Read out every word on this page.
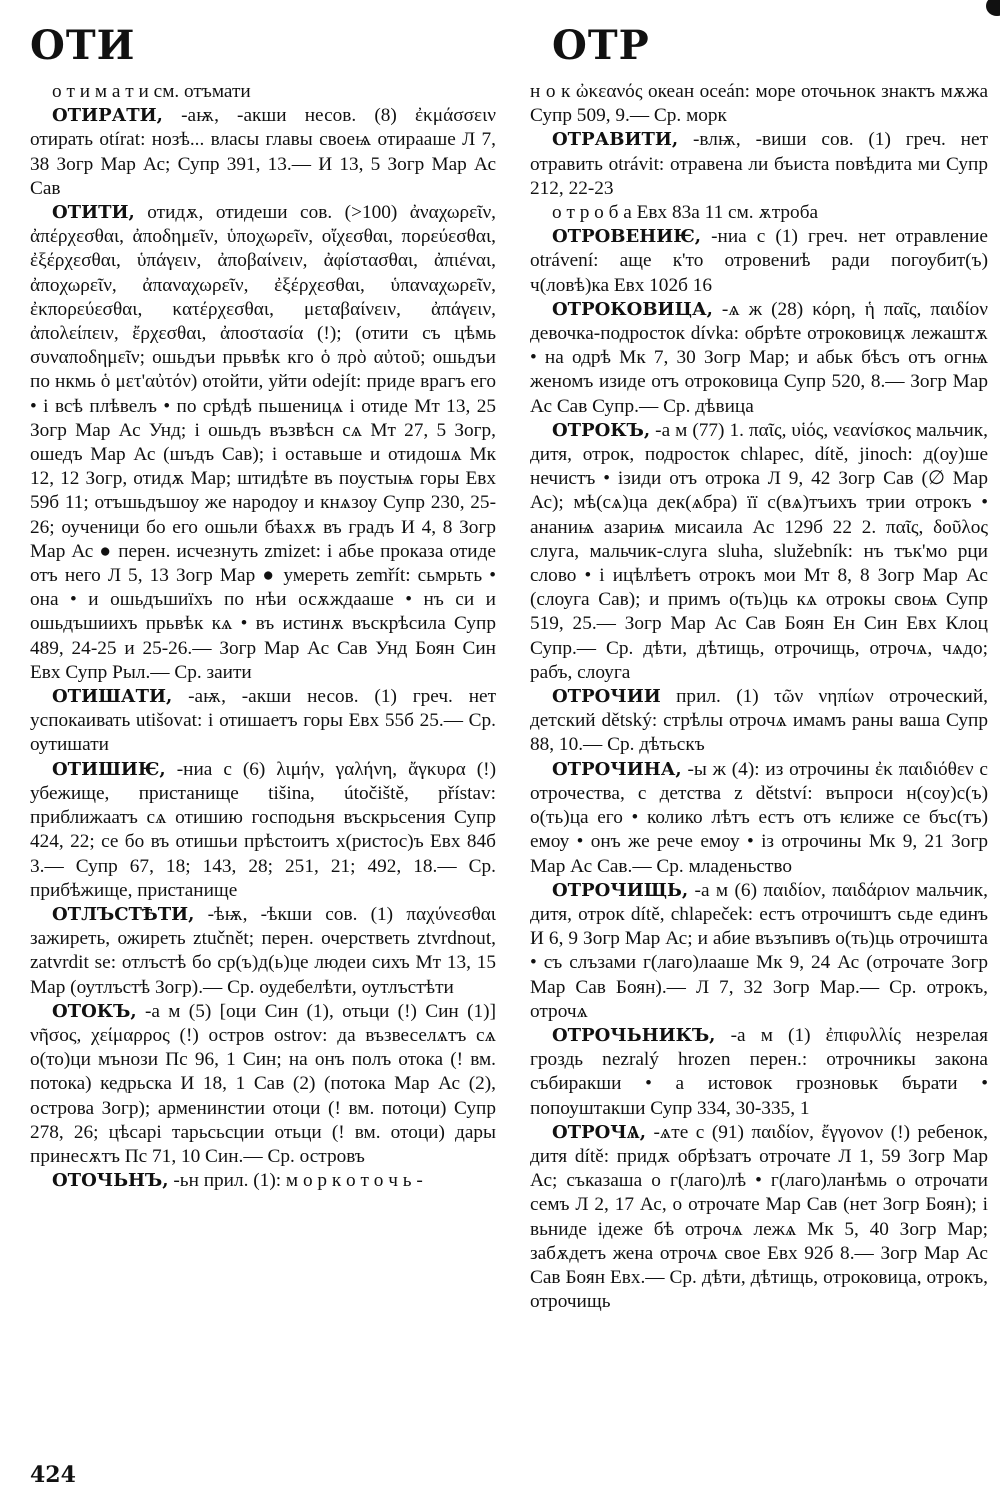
ОТИ	ОТР

о т и м а т и см. отъмати

ОТИРАТИ, -аѭ, -акши несов. (8) ἐκμάσσειν отирать otírat: нозѣ... власы главы своеѩ отирааше Л 7, 38 Зогр Мар Ас; Супр 391, 13.— И 13, 5 Зогр Мар Ас Сав

ОТИТИ, отидѫ, отидеши сов. (>100) ἀναχωρεῖν, ἀπέρχεσθαι, ἀποδημεῖν, ὑποχωρεῖν, οἴχεσθαι, πορεύεσθαι, ἐξέρχεσθαι, ὑπάγειν, ἀποβαίνειν, ἀφίστασθαι, ἀπιέναι, ἀποχωρεῖν, ἀπαναχωρεῖν, ἐξέρχεσθαι, ὑπαναχωρεῖν, ἐκπορεύεσθαι, κατέρχεσθαι, μεταβαίνειν, ἀπάγειν, ἀπολείπειν, ἔρχεσθαι, ἀποστασία (!); (отити съ цѣмь συναποδημεῖν; ошьдъи прьвѣк кго ὁ πρὸ αὐτοῦ; ошьдъи по нкмь ὁ μετ'αὐτόν) отойти, уйти odejít: приде врагъ его • і всѣ плѣвелъ • по срѣдѣ пьшеницѧ і отиде Мт 13, 25 Зогр Мар Ас Унд; і ошьдъ възвѣсн сѧ Мт 27, 5 Зогр, ошедъ Мар Ас (шъдъ Сав); і оставьше и отидошѧ Мк 12, 12 Зогр, отидѫ Мар; штидѣте въ поустыѩ горы Евх 59б 11; отъшьдъшоу же народоу и кнѧзоу Супр 230, 25-26; оученици бо его ошьли бѣахѫ въ градъ И 4, 8 Зогр Мар Ас ● перен. исчезнуть zmizet: і абье проказа отиде отъ него Л 5, 13 Зогр Мар ● умереть zemřít: сьмрьть • она • и ошьдъшиїхъ по нѣи осѫждааше • нъ си и ошьдъшиихъ прьвѣк кѧ • въ истинѫ въскрѣсила Супр 489, 24-25 и 25-26.— Зогр Мар Ас Сав Унд Боян Син Евх Супр Рыл.— Ср. заити

ОТИШАТИ, -аѭ, -акши несов. (1) греч. нет успокаивать utišovat: і отишаетъ горы Евх 55б 25.— Ср. оутишати

ОТИШИѤ, -ниа с (6) λιμήν, γαλήνη, ἄγκυρα (!) убежище, пристанище tišina, útočiště, přístav: приближаатъ сѧ отишию господьня въскрьсения Супр 424, 22; се бо въ отишьи прѣстоитъ х(ристос)ъ Евх 84б 3.— Супр 67, 18; 143, 28; 251, 21; 492, 18.— Ср. прибѣжище, пристанище

ОТЛЪСТѢТИ, -ѣѭ, -ѣкши сов. (1) παχύνεσθαι зажиреть, ожиреть ztučnět; перен. очерстветь ztvrdnout, zatvrdit se: отлъстѣ бо ср(ъ)д(ь)це людеи сихъ Мт 13, 15 Мар (оутлъстѣ Зогр).— Ср. оудебелѣти, оутлъстѣти

ОТОКЪ, -а м (5) [оци Син (1), отьци (!) Син (1)] νῆσος, χείμαρρος (!) остров ostrov: да възвеселѧтъ сѧ о(то)ци мънози Пс 96, 1 Син; на онъ полъ отока (! вм. потока) кедрьска И 18, 1 Сав (2) (потока Мар Ас (2), острова Зогр); арменинстии отоци (! вм. потоци) Супр 278, 26; цѣсарі тарьсьсции отьци (! вм. отоци) дары принесѫтъ Пс 71, 10 Син.— Ср. островъ

ОТОЧЬНЪ, -ьн прил. (1): м о р к о т о ч ь -

н о к ὠκεανός океан oceán: море оточьнок знактъ мѫжа Супр 509, 9.— Ср. морк

ОТРАВИТИ, -влѭ, -виши сов. (1) греч. нет отравить otrávit: отравена ли бъиста повѣдита ми Супр 212, 22-23

о т р о б а Евх 83а 11 см. ѫтроба

ОТРОВЕНИѤ, -ниа с (1) греч. нет отравление otrávení: аще к'то отровениѣ ради погоубит(ъ) ч(ловѣ)ка Евх 102б 16

ОТРОКОВИЦА, -ѧ ж (28) κόρη, ἡ παῖς, παιδίον девочка-подросток dívka: обрѣте отроковицѫ лежаштѫ • на одрѣ Мк 7, 30 Зогр Мар; и абьк бѣсъ отъ огнѩ женомъ изиде отъ отроковица Супр 520, 8.— Зогр Мар Ас Сав Супр.— Ср. дѣвица

ОТРОКЪ, -а м (77) 1. παῖς, υἱός, νεανίσκος мальчик, дитя, отрок, подросток chlapec, dítě, jinoch: д(оу)ше нечистъ • ізиди отъ отрока Л 9, 42 Зогр Сав (∅ Мар Ас); мѣ(сѧ)ца дек(ѧбра) її с(вѧ)тъихъ трии отрокъ • ананиѩ азариѩ мисаила Ас 129б 22 2. παῖς, δοῦλος слуга, мальчик-слуга sluha, služebník: нъ тък'мо рци слово • і ицѣлѣетъ отрокъ мои Мт 8, 8 Зогр Мар Ас (слоуга Сав); и примъ о(ть)ць кѧ отрокы своѩ Супр 519, 25.— Зогр Мар Ас Сав Боян Ен Син Евх Клоц Супр.— Ср. дѣти, дѣтищь, отрочищь, отрочѧ, чѧдо; рабъ, слоуга

ОТРОЧИИ прил. (1) τῶν νηπίων отроческий, детский dětský: стрѣлы отрочѧ имамъ раны ваша Супр 88, 10.— Ср. дѣтьскъ

ОТРОЧИНА, -ы ж (4): из отрочины ἐκ παιδιόθεν с отрочества, с детства z dětství: въпроси н(соу)с(ъ) о(ть)ца его • колико лѣтъ естъ отъ ѥлиже се бъс(тъ) емоу • онъ же рече емоу • із отрочины Мк 9, 21 Зогр Мар Ас Сав.— Ср. младеньство

ОТРОЧИЩЬ, -а м (6) παιδίον, παιδάριον мальчик, дитя, отрок dítě, chlapeček: естъ отрочиштъ сьде единъ И 6, 9 Зогр Мар Ас; и абие възъпивъ о(ть)ць отрочишта • съ слъзами г(лаго)лааше Мк 9, 24 Ас (отрочате Зогр Мар Сав Боян).— Л 7, 32 Зогр Мар.— Ср. отрокъ, отрочѧ

ОТРОЧЬНИКЪ, -а м (1) ἐπιφυλλίς незрелая гроздь nezralý hrozen перен.: отрочникы закона събиракши • а истовок грозновьк бърати • попоуштакши Супр 334, 30-335, 1

ОТРОЧѦ, -ѧте с (91) παιδίον, ἔγγονον (!) ребенок, дитя dítě: придѫ обрѣзатъ отрочате Л 1, 59 Зогр Мар Ас; съказаша о г(лаго)лѣ • г(лаго)ланѣмь о отрочати семъ Л 2, 17 Ас, о отрочате Мар Сав (нет Зогр Боян); і вьниде ідеже бѣ отрочѧ лежѧ Мк 5, 40 Зогр Мар; забѫдетъ жена отрочѧ свое Евх 92б 8.— Зогр Мар Ас Сав Боян Евх.— Ср. дѣти, дѣтищь, отроковица, отрокъ, отрочищь

424
